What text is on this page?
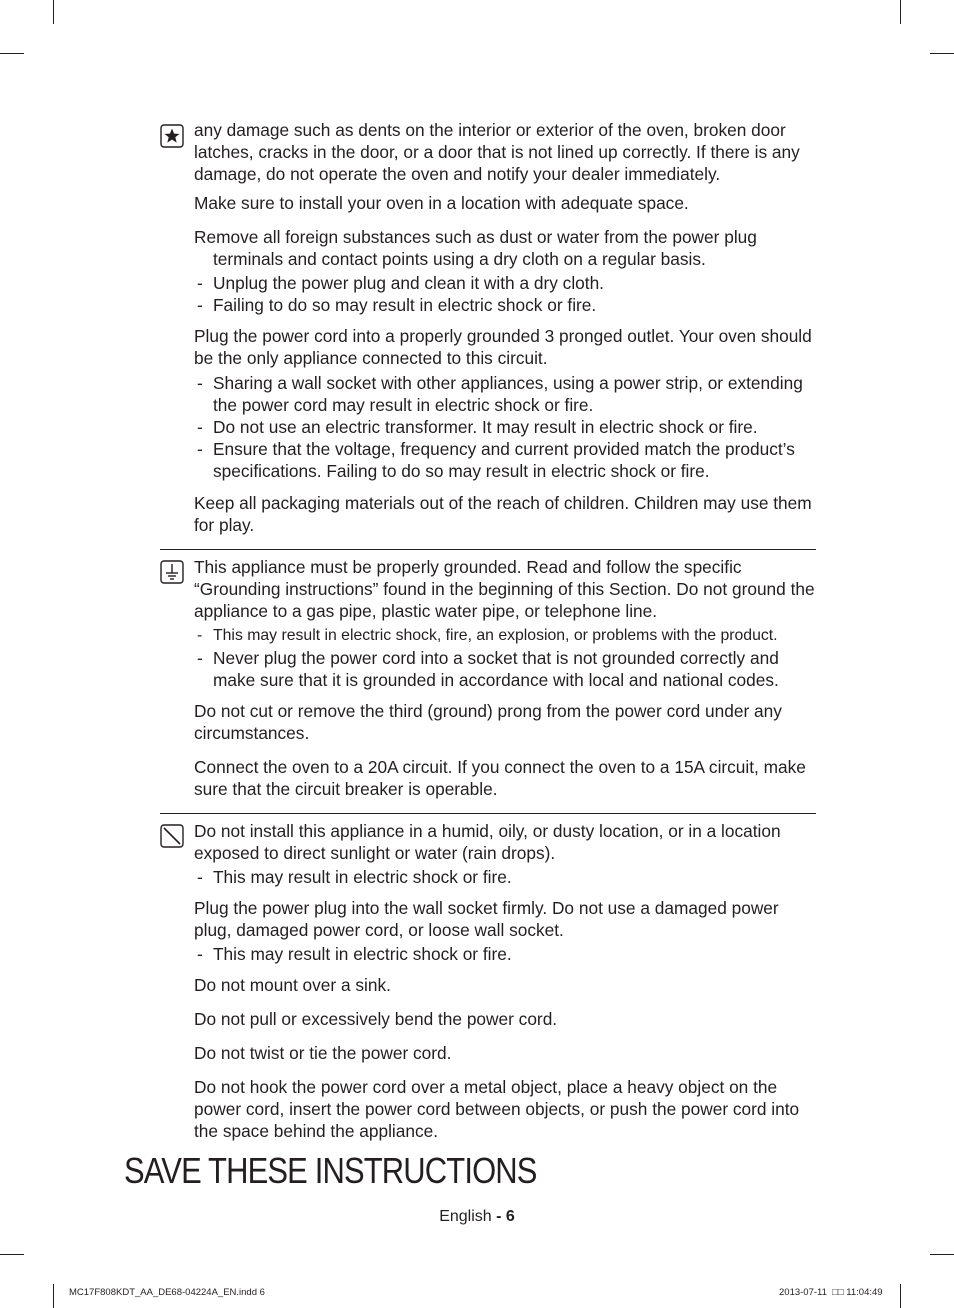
any damage such as dents on the interior or exterior of the oven, broken door latches, cracks in the door, or a door that is not lined up correctly. If there is any damage, do not operate the oven and notify your dealer immediately.

Make sure to install your oven in a location with adequate space.

Remove all foreign substances such as dust or water from the power plug

terminals and contact points using a dry cloth on a regular basis.

- Unplug the power plug and clean it with a dry cloth.

- Failing to do so may result in electric shock or fire.

Plug the power cord into a properly grounded 3 pronged outlet. Your oven should be the only appliance connected to this circuit.

- Sharing a wall socket with other appliances, using a power strip, or extending the power cord may result in electric shock or fire.

- Do not use an electric transformer. It may result in electric shock or fire.

- Ensure that the voltage, frequency and current provided match the product’s specifications. Failing to do so may result in electric shock or fire.

Keep all packaging materials out of the reach of children. Children may use them for play.

This appliance must be properly grounded. Read and follow the specific “Grounding instructions” found in the beginning of this Section. Do not ground the appliance to a gas pipe, plastic water pipe, or telephone line.

- This may result in electric shock, fire, an explosion, or problems with the product.

- Never plug the power cord into a socket that is not grounded correctly and make sure that it is grounded in accordance with local and national codes.

Do not cut or remove the third (ground) prong from the power cord under any circumstances.

Connect the oven to a 20A circuit. If you connect the oven to a 15A circuit, make sure that the circuit breaker is operable.

Do not install this appliance in a humid, oily, or dusty location, or in a location exposed to direct sunlight or water (rain drops).

- This may result in electric shock or fire.

Plug the power plug into the wall socket firmly. Do not use a damaged power plug, damaged power cord, or loose wall socket.

- This may result in electric shock or fire.

Do not mount over a sink.

Do not pull or excessively bend the power cord.

Do not twist or tie the power cord.

Do not hook the power cord over a metal object, place a heavy object on the power cord, insert the power cord between objects, or push the power cord into the space behind the appliance.

SAVE THESE INSTRUCTIONS
English - 6
MC17F808KDT_AA_DE68-04224A_EN.indd 6	2013-07-11  □□ 11:04:49
